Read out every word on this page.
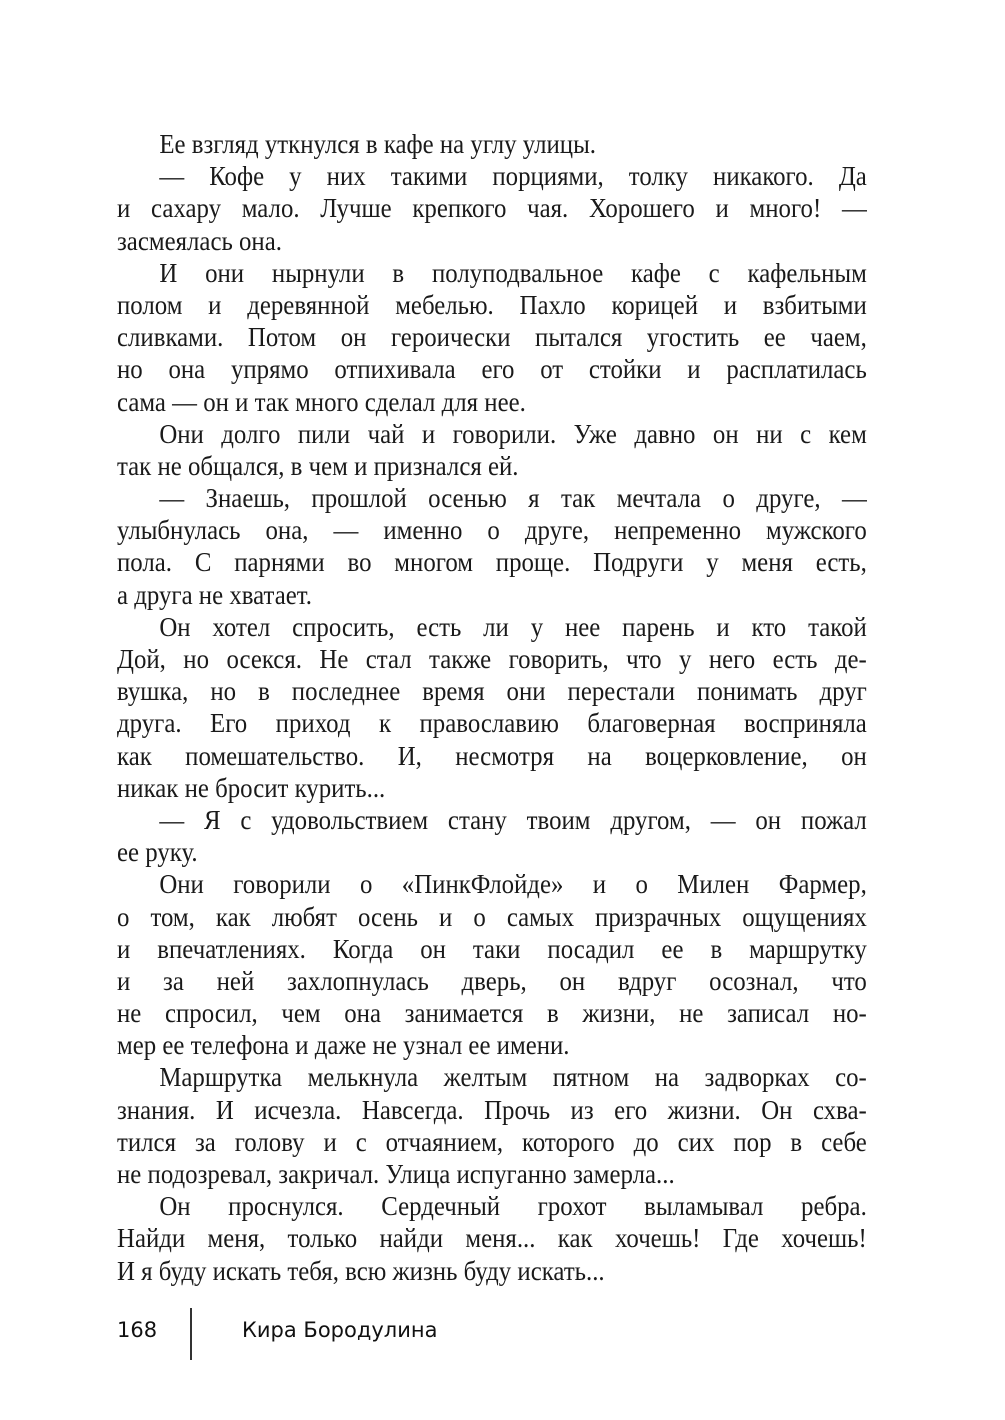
Ее взгляд уткнулся в кафе на углу улицы.
— Кофе у них такими порциями, толку никакого. Да
и сахару мало. Лучше крепкого чая. Хорошего и много! —
засмеялась она.
И они нырнули в полуподвальное кафе с кафельным
полом и деревянной мебелью. Пахло корицей и взбитыми
сливками. Потом он героически пытался угостить ее чаем,
но она упрямо отпихивала его от стойки и расплатилась
сама — он и так много сделал для нее.
Они долго пили чай и говорили. Уже давно он ни с кем
так не общался, в чем и признался ей.
— Знаешь, прошлой осенью я так мечтала о друге, —
улыбнулась она, — именно о друге, непременно мужского
пола. С парнями во многом проще. Подруги у меня есть,
а друга не хватает.
Он хотел спросить, есть ли у нее парень и кто такой
Дой, но осекся. Не стал также говорить, что у него есть де-
вушка, но в последнее время они перестали понимать друг
друга. Его приход к православию благоверная восприняла
как помешательство. И, несмотря на воцерковление, он
никак не бросит курить...
— Я с удовольствием стану твоим другом, — он пожал
ее руку.
Они говорили о «ПинкФлойде» и о Милен Фармер,
о том, как любят осень и о самых призрачных ощущениях
и впечатлениях. Когда он таки посадил ее в маршрутку
и за ней захлопнулась дверь, он вдруг осознал, что
не спросил, чем она занимается в жизни, не записал но-
мер ее телефона и даже не узнал ее имени.
Маршрутка мелькнула желтым пятном на задворках со-
знания. И исчезла. Навсегда. Прочь из его жизни. Он схва-
тился за голову и с отчаянием, которого до сих пор в себе
не подозревал, закричал. Улица испуганно замерла...
Он проснулся. Сердечный грохот выламывал ребра.
Найди меня, только найди меня... как хочешь! Где хочешь!
И я буду искать тебя, всю жизнь буду искать...
168	Кира Бородулина
